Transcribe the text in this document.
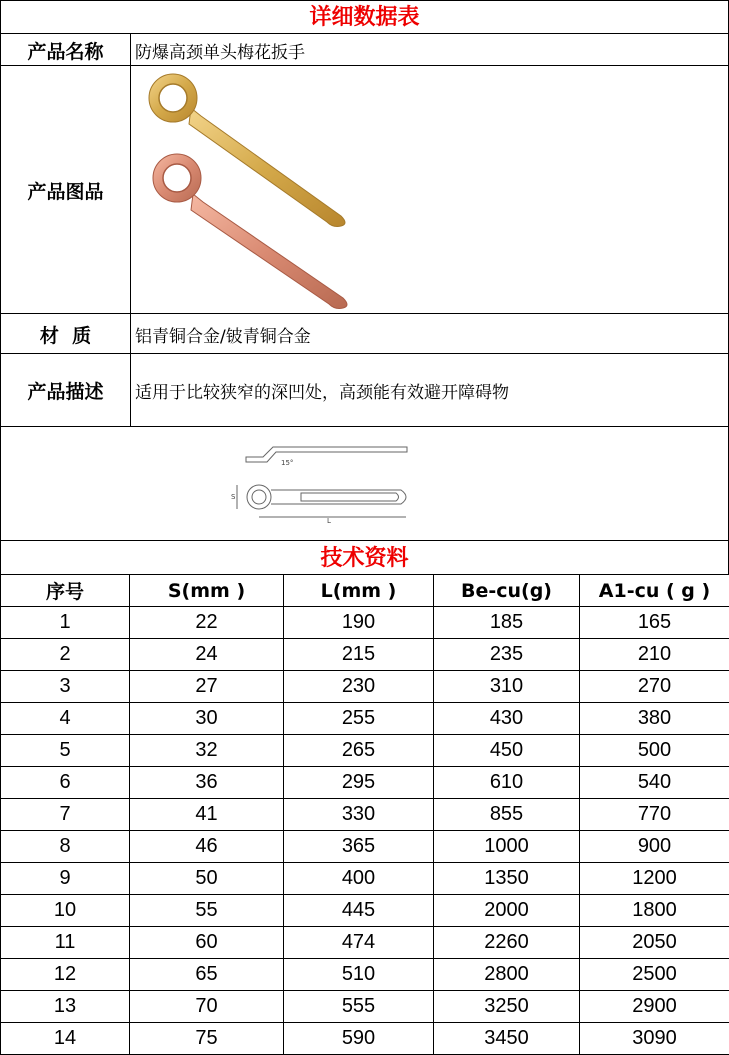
详细数据表
产品名称	防爆高颈单头梅花扳手
产品图品
材  质	铝青铜合金/铍青铜合金
产品描述	适用于比较狭窄的深凹处，高颈能有效避开障碍物
15°
S
L
技术资料
序号	S(mm )	L(mm )	Be-cu(g)	A1-cu ( g )
1	22	190	185	165
2	24	215	235	210
3	27	230	310	270
4	30	255	430	380
5	32	265	450	500
6	36	295	610	540
7	41	330	855	770
8	46	365	1000	900
9	50	400	1350	1200
10	55	445	2000	1800
11	60	474	2260	2050
12	65	510	2800	2500
13	70	555	3250	2900
14	75	590	3450	3090
